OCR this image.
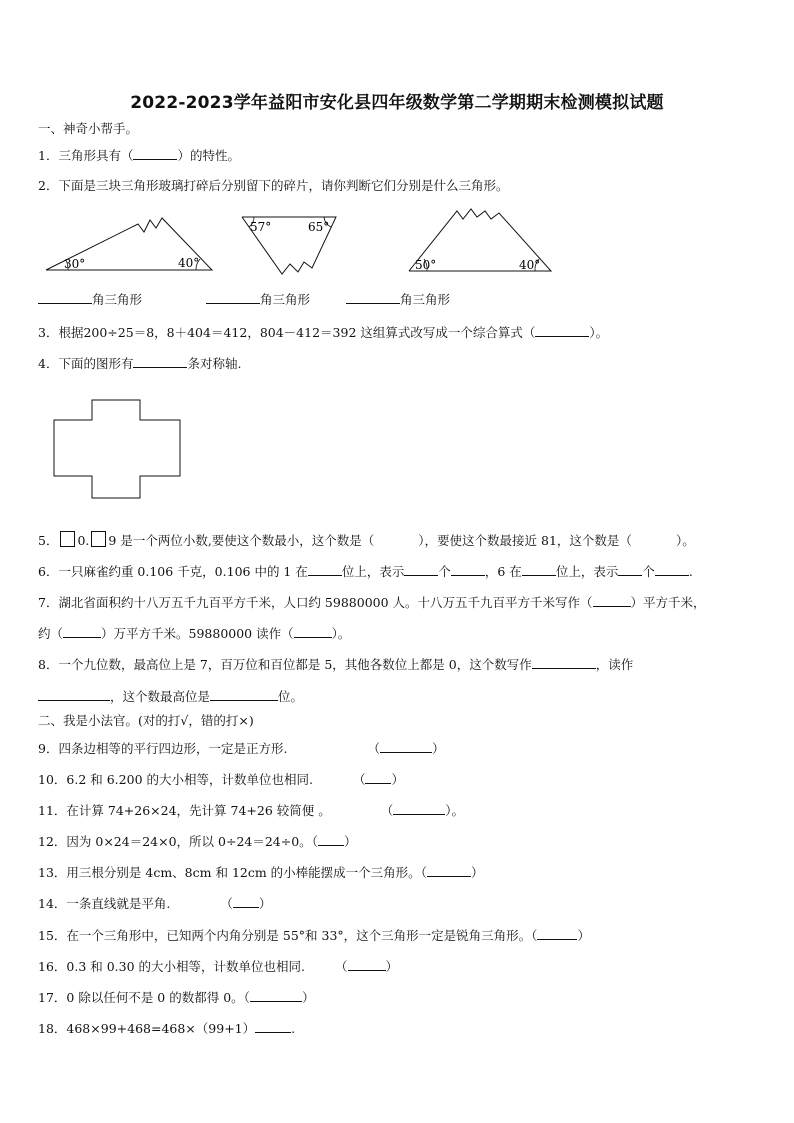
2022-2023学年益阳市安化县四年级数学第二学期期末检测模拟试题
一、神奇小帮手。
1．三角形具有（	）的特性。
2．下面是三块三角形玻璃打碎后分别留下的碎片，请你判断它们分别是什么三角形。
30°	40°
57°	65°
50°	40°
角三角形	角三角形	角三角形
3．根据200÷25＝8，8＋404＝412，804－412＝392 这组算式改写成一个综合算式（	）。
4．下面的图形有	条对称轴.
5． 0. 9 是一个两位小数,要使这个数最小，这个数是（	），要使这个数最接近 81，这个数是（	）。
6．一只麻雀约重 0.106 千克，0.106 中的 1 在	位上，表示	个	，6 在	位上，表示 个	.
7．湖北省面积约十八万五千九百平方千米，人口约 59880000 人。十八万五千九百平方千米写作（	）平方千米，
约（	）万平方千米。59880000 读作（	）。
8．一个九位数，最高位上是 7，百万位和百位都是 5，其他各数位上都是 0，这个数写作	，读作
，这个数最高位是	位。
二、我是小法官。(对的打√，错的打×)
9．四条边相等的平行四边形，一定是正方形.	（	）
10．6.2 和 6.200 的大小相等，计数单位也相同.	（ ）
11．在计算 74+26×24，先计算 74+26 较简便 。	（	）。
12．因为 0×24＝24×0，所以 0÷24＝24÷0。（ ）
13．用三根分别是 4cm、8cm 和 12cm 的小棒能摆成一个三角形。（	）
14．一条直线就是平角.	（ ）
15．在一个三角形中，已知两个内角分别是 55°和 33°，这个三角形一定是锐角三角形。（	）
16．0.3 和 0.30 的大小相等，计数单位也相同. （	）
17．0 除以任何不是 0 的数都得 0。（	）
18．468×99+468=468×（99+1）	.
